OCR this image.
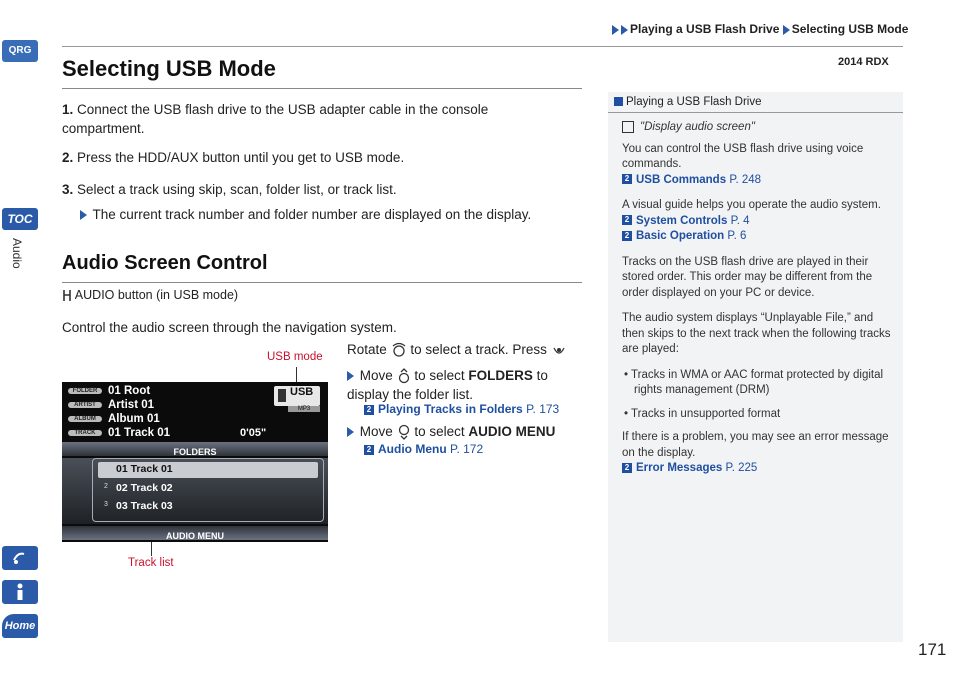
Playing a USB Flash Drive Selecting USB Mode
2014 RDX
QRG
TOC
Audio
Home
Selecting USB Mode
1. Connect the USB flash drive to the USB adapter cable in the console compartment.
2. Press the HDD/AUX button until you get to USB mode.
3. Select a track using skip, scan, folder list, or track list.
The current track number and folder number are displayed on the display.
Audio Screen Control
AUDIO button (in USB mode)
Control the audio screen through the navigation system.
Rotate to select a track. Press
Move to select FOLDERS to display the folder list.
2Playing Tracks in Folders P. 173
Move to select AUDIO MENU
2Audio Menu P. 172
USB mode
Track list
FOLDER 01 Root
ARTIST Artist 01
ALBUM Album 01
TRACK 01 Track 01	0'05"
USB
MP3
FOLDERS
01 Track 01
2 02 Track 02
3 03 Track 03
AUDIO MENU
Playing a USB Flash Drive

"Display audio screen"

You can control the USB flash drive using voice commands.

2USB Commands P. 248

A visual guide helps you operate the audio system.

2System Controls P. 4

2Basic Operation P. 6

Tracks on the USB flash drive are played in their stored order. This order may be different from the order displayed on your PC or device.

The audio system displays “Unplayable File,” and then skips to the next track when the following tracks are played:

• Tracks in WMA or AAC format protected by digital rights management (DRM)

• Tracks in unsupported format

If there is a problem, you may see an error message on the display.

2Error Messages P. 225

171
